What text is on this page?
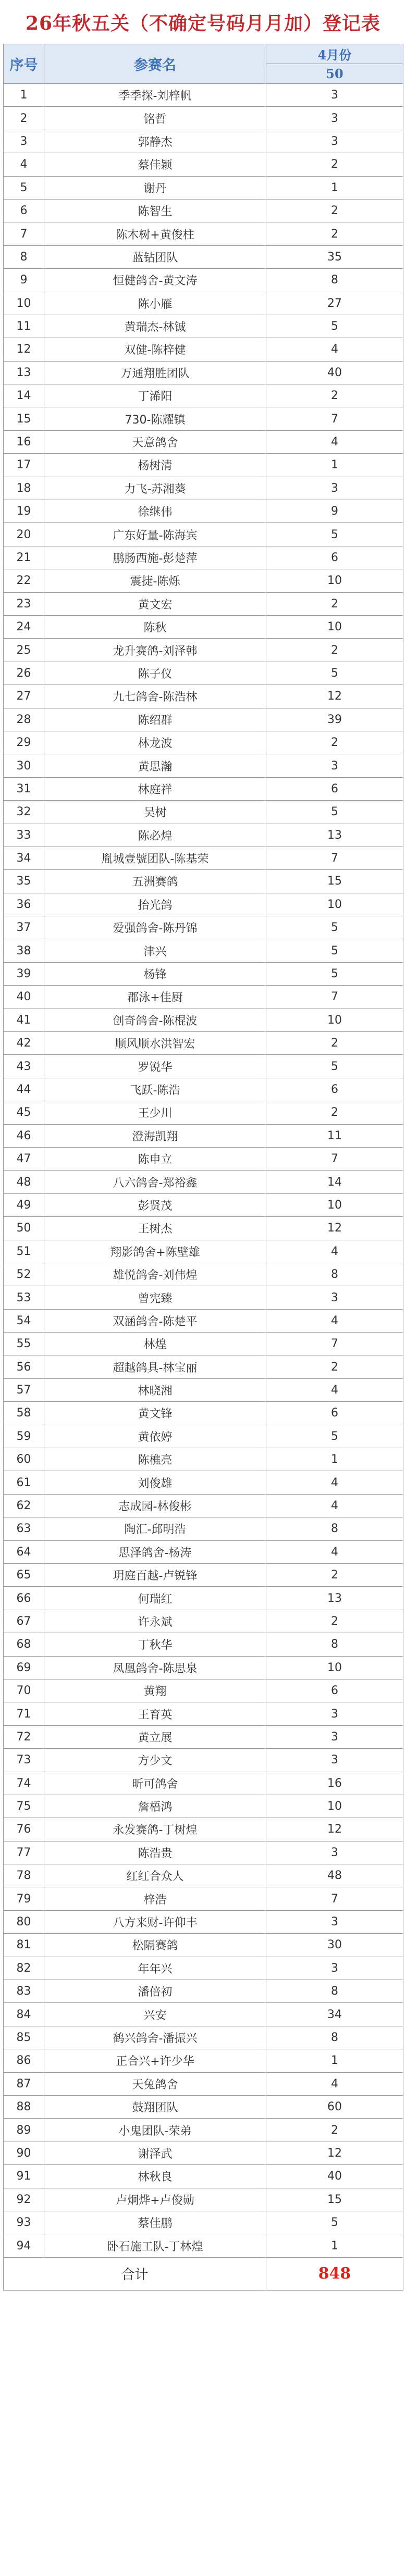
26年秋五关（不确定号码月月加）登记表
序号	参赛名	4月份
		50
1	季季探-刘梓帆	3
2	铭哲	3
3	郭静杰	3
4	蔡佳颖	2
5	谢丹	1
6	陈智生	2
7	陈木树+黄俊柱	2
8	蓝钻团队	35
9	恒健鸽舍-黄文涛	8
10	陈小雁	27
11	黄瑞杰-林铖	5
12	双健-陈梓健	4
13	万通翔胜团队	40
14	丁浠阳	2
15	730-陈耀镇	7
16	天意鸽舍	4
17	杨树清	1
18	力飞-苏湘葵	3
19	徐继伟	9
20	广东好量-陈海宾	5
21	鹏肠西施-彭楚萍	6
22	震捷-陈烁	10
23	黄文宏	2
24	陈秋	10
25	龙升赛鸽-刘泽韩	2
26	陈子仪	5
27	九七鸽舍-陈浩林	12
28	陈绍群	39
29	林龙波	2
30	黄思瀚	3
31	林庭祥	6
32	吴树	5
33	陈必煌	13
34	胤城壹號团队-陈基荣	7
35	五洲赛鸽	15
36	抬光鸽	10
37	爱强鸽舍-陈丹锦	5
38	津兴	5
39	杨锋	5
40	郡泳+佳厨	7
41	创奇鸽舍-陈棍波	10
42	顺风顺水洪智宏	2
43	罗锐华	5
44	飞跃-陈浩	6
45	王少川	2
46	澄海凯翔	11
47	陈申立	7
48	八六鸽舍-郑裕鑫	14
49	彭贤茂	10
50	王树杰	12
51	翔影鸽舍+陈壁雄	4
52	雄悦鸽舍-刘伟煌	8
53	曾宪臻	3
54	双涵鸽舍-陈楚平	4
55	林煌	7
56	超越鸽具-林宝丽	2
57	林晓湘	4
58	黄文锋	6
59	黄依婷	5
60	陈樵亮	1
61	刘俊雄	4
62	志成园-林俊彬	4
63	陶汇-邱明浩	8
64	思泽鸽舍-杨涛	4
65	玥庭百越-卢锐锋	2
66	何瑞红	13
67	许永斌	2
68	丁秋华	8
69	凤凰鸽舍-陈思泉	10
70	黄翔	6
71	王育英	3
72	黄立展	3
73	方少文	3
74	昕可鸽舍	16
75	詹梧鸿	10
76	永发赛鸽-丁树煌	12
77	陈浩贵	3
78	红红合众人	48
79	梓浩	7
80	八方来财-许仰丰	3
81	松隔赛鸽	30
82	年年兴	3
83	潘倍初	8
84	兴安	34
85	鹤兴鸽舍-潘振兴	8
86	正合兴+许少华	1
87	天兔鸽舍	4
88	鼓翔团队	60
89	小鬼团队-荣弟	2
90	谢泽武	12
91	林秋良	40
92	卢炯烨+卢俊勋	15
93	蔡佳鹏	5
94	卧石施工队-丁林煌	1
合计		848
